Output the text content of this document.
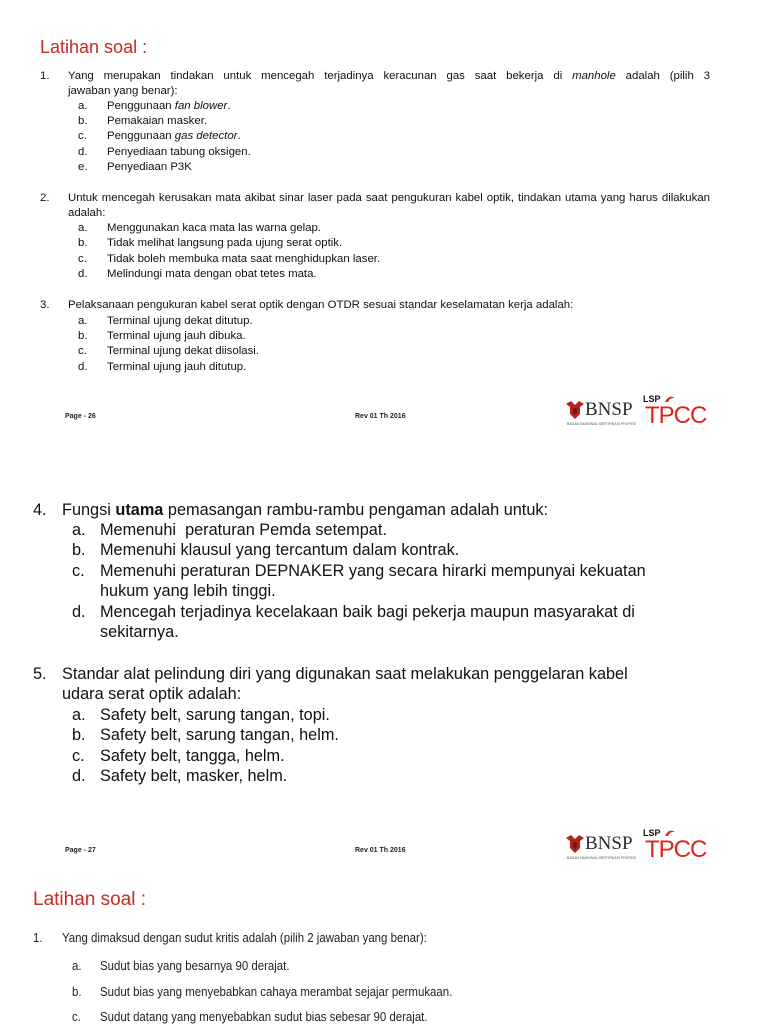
Latihan soal :
1. Yang merupakan tindakan untuk mencegah terjadinya keracunan gas saat bekerja di manhole adalah (pilih 3
jawaban yang benar):
a. Penggunaan fan blower.
b. Pemakaian masker.
c. Penggunaan gas detector.
d. Penyediaan tabung oksigen.
e. Penyediaan P3K
2. Untuk mencegah kerusakan mata akibat sinar laser pada saat pengukuran kabel optik, tindakan utama yang harus dilakukan adalah:
a. Menggunakan kaca mata las warna gelap.
b. Tidak melihat langsung pada ujung serat optik.
c. Tidak boleh membuka mata saat menghidupkan laser.
d. Melindungi mata dengan obat tetes mata.
3. Pelaksanaan pengukuran kabel serat optik dengan OTDR sesuai standar keselamatan kerja adalah:
a. Terminal ujung dekat ditutup.
b. Terminal ujung jauh dibuka.
c. Terminal ujung dekat diisolasi.
d. Terminal ujung jauh ditutup.
Page - 26	Rev 01 Th 2016	BNSP
BADAN NASIONAL SERTIFIKASI PROFESI
LSP
TPCC
4. Fungsi utama pemasangan rambu-rambu pengaman adalah untuk:
a. Memenuhi  peraturan Pemda setempat.
b. Memenuhi klausul yang tercantum dalam kontrak.
c. Memenuhi peraturan DEPNAKER yang secara hirarki mempunyai kekuatan hukum yang lebih tinggi.
d. Mencegah terjadinya kecelakaan baik bagi pekerja maupun masyarakat di sekitarnya.
5. Standar alat pelindung diri yang digunakan saat melakukan penggelaran kabel udara serat optik adalah:
a. Safety belt, sarung tangan, topi.
b. Safety belt, sarung tangan, helm.
c. Safety belt, tangga, helm.
d. Safety belt, masker, helm.
Page - 27	Rev 01 Th 2016	BNSP
BADAN NASIONAL SERTIFIKASI PROFESI
LSP
TPCC
Latihan soal :
1. Yang dimaksud dengan sudut kritis adalah (pilih 2 jawaban yang benar):
a. Sudut bias yang besarnya 90 derajat.
b. Sudut bias yang menyebabkan cahaya merambat sejajar permukaan.
c. Sudut datang yang menyebabkan sudut bias sebesar 90 derajat.
